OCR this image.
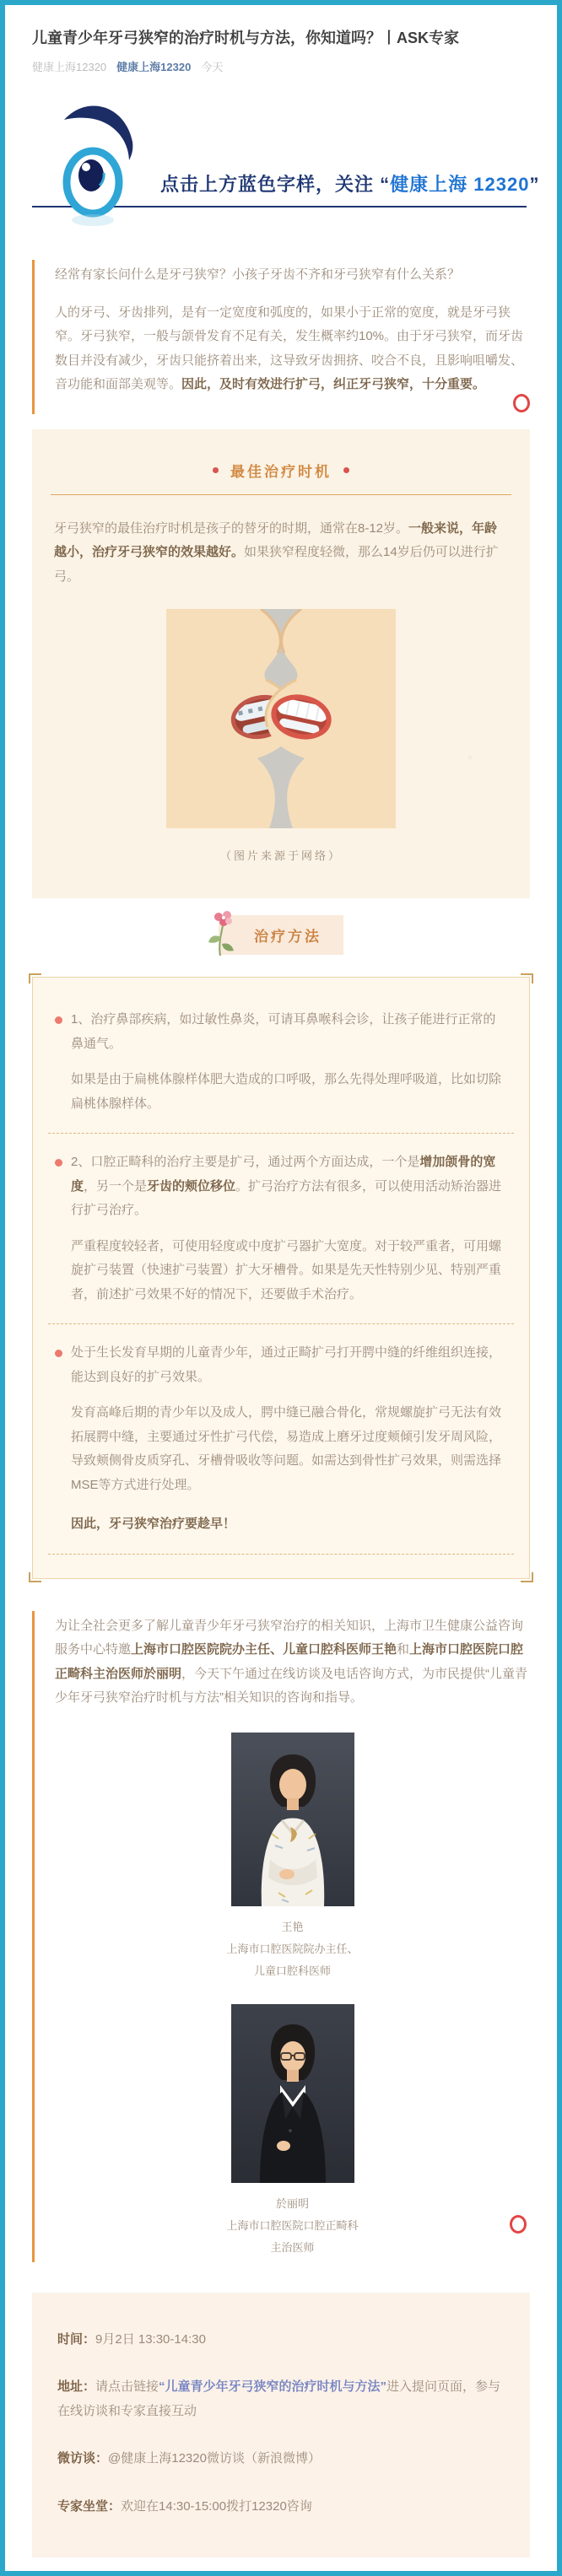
儿童青少年牙弓狭窄的治疗时机与方法，你知道吗？丨ASK专家
健康上海12320 健康上海12320 今天
点击上方蓝色字样，关注 “健康上海 12320”

经常有家长问什么是牙弓狭窄？小孩子牙齿不齐和牙弓狭窄有什么关系？

人的牙弓、牙齿排列，是有一定宽度和弧度的，如果小于正常的宽度，就是牙弓狭窄。牙弓狭窄，一般与颌骨发育不足有关，发生概率约10%。由于牙弓狭窄，而牙齿数目并没有减少，牙齿只能挤着出来，这导致牙齿拥挤、咬合不良，且影响咀嚼发、音功能和面部美观等。因此，及时有效进行扩弓，纠正牙弓狭窄，十分重要。

最佳治疗时机

牙弓狭窄的最佳治疗时机是孩子的替牙的时期，通常在8-12岁。一般来说，年龄越小，治疗牙弓狭窄的效果越好。如果狭窄程度轻微，那么14岁后仍可以进行扩弓。

（图片来源于网络）
治疗方法

1、治疗鼻部疾病，如过敏性鼻炎，可请耳鼻喉科会诊，让孩子能进行正常的鼻通气。

如果是由于扁桃体腺样体肥大造成的口呼吸，那么先得处理呼吸道，比如切除扁桃体腺样体。

2、口腔正畸科的治疗主要是扩弓，通过两个方面达成，一个是增加颌骨的宽度，另一个是牙齿的颊位移位。扩弓治疗方法有很多，可以使用活动矫治器进行扩弓治疗。

严重程度较轻者，可使用轻度或中度扩弓器扩大宽度。对于较严重者，可用螺旋扩弓装置（快速扩弓装置）扩大牙槽骨。如果是先天性特别少见、特别严重者，前述扩弓效果不好的情况下，还要做手术治疗。

处于生长发育早期的儿童青少年，通过正畸扩弓打开腭中缝的纤维组织连接，能达到良好的扩弓效果。

发育高峰后期的青少年以及成人，腭中缝已融合骨化，常规螺旋扩弓无法有效拓展腭中缝，主要通过牙性扩弓代偿，易造成上磨牙过度颊倾引发牙周风险，导致颊侧骨皮质穿孔、牙槽骨吸收等问题。如需达到骨性扩弓效果，则需选择MSE等方式进行处理。

因此，牙弓狭窄治疗要趁早！

为让全社会更多了解儿童青少年牙弓狭窄治疗的相关知识，上海市卫生健康公益咨询服务中心特邀上海市口腔医院院办主任、儿童口腔科医师王艳和上海市口腔医院口腔正畸科主治医师於丽明，今天下午通过在线访谈及电话咨询方式，为市民提供“儿童青少年牙弓狭窄治疗时机与方法”相关知识的咨询和指导。

王艳
上海市口腔医院院办主任、
儿童口腔科医师
於丽明
上海市口腔医院口腔正畸科
主治医师
时间：9月2日 13:30-14:30
地址：请点击链接“儿童青少年牙弓狭窄的治疗时机与方法”进入提问页面，参与在线访谈和专家直接互动
微访谈：@健康上海12320微访谈（新浪微博）
专家坐堂：欢迎在14:30-15:00拨打12320咨询
